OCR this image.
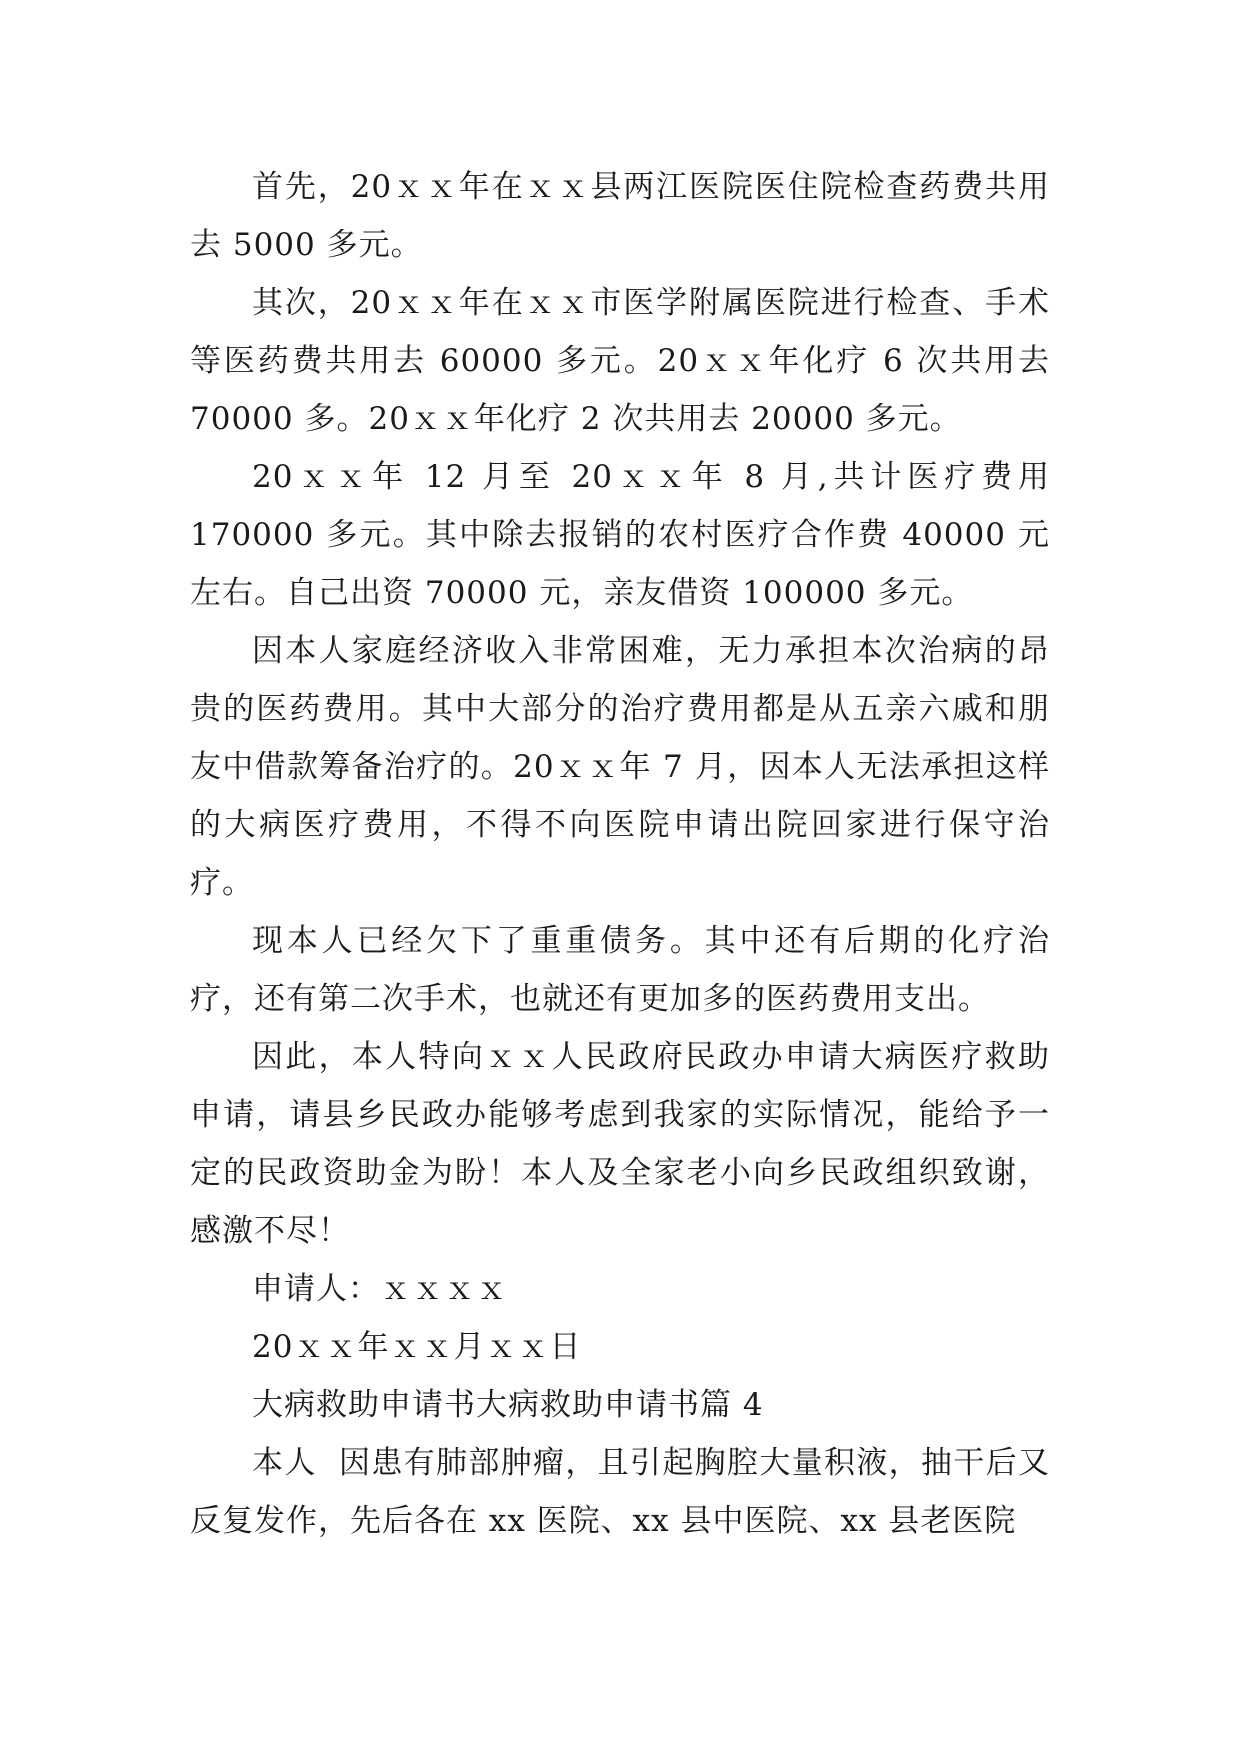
首先，20ｘｘ年在ｘｘ县两江医院医住院检查药费共用去 5000 多元。

其次，20ｘｘ年在ｘｘ市医学附属医院进行检查、手术等医药费共用去 60000 多元。20ｘｘ年化疗 6 次共用去 70000 多。20ｘｘ年化疗 2 次共用去 20000 多元。

20ｘｘ年 12 月至 20ｘｘ年 8 月,共计医疗费用 170000 多元。其中除去报销的农村医疗合作费 40000 元左右。自己出资 70000 元，亲友借资 100000 多元。

因本人家庭经济收入非常困难，无力承担本次治病的昂贵的医药费用。其中大部分的治疗费用都是从五亲六戚和朋友中借款筹备治疗的。20ｘｘ年 7 月，因本人无法承担这样的大病医疗费用，不得不向医院申请出院回家进行保守治疗。

现本人已经欠下了重重债务。其中还有后期的化疗治疗，还有第二次手术，也就还有更加多的医药费用支出。

因此，本人特向ｘｘ人民政府民政办申请大病医疗救助申请，请县乡民政办能够考虑到我家的实际情况，能给予一定的民政资助金为盼！本人及全家老小向乡民政组织致谢，感激不尽！

申请人：ｘｘｘｘ

20ｘｘ年ｘｘ月ｘｘ日

大病救助申请书大病救助申请书篇 4

本人  因患有肺部肿瘤，且引起胸腔大量积液，抽干后又反复发作，先后各在 xx 医院、xx 县中医院、xx 县老医院
